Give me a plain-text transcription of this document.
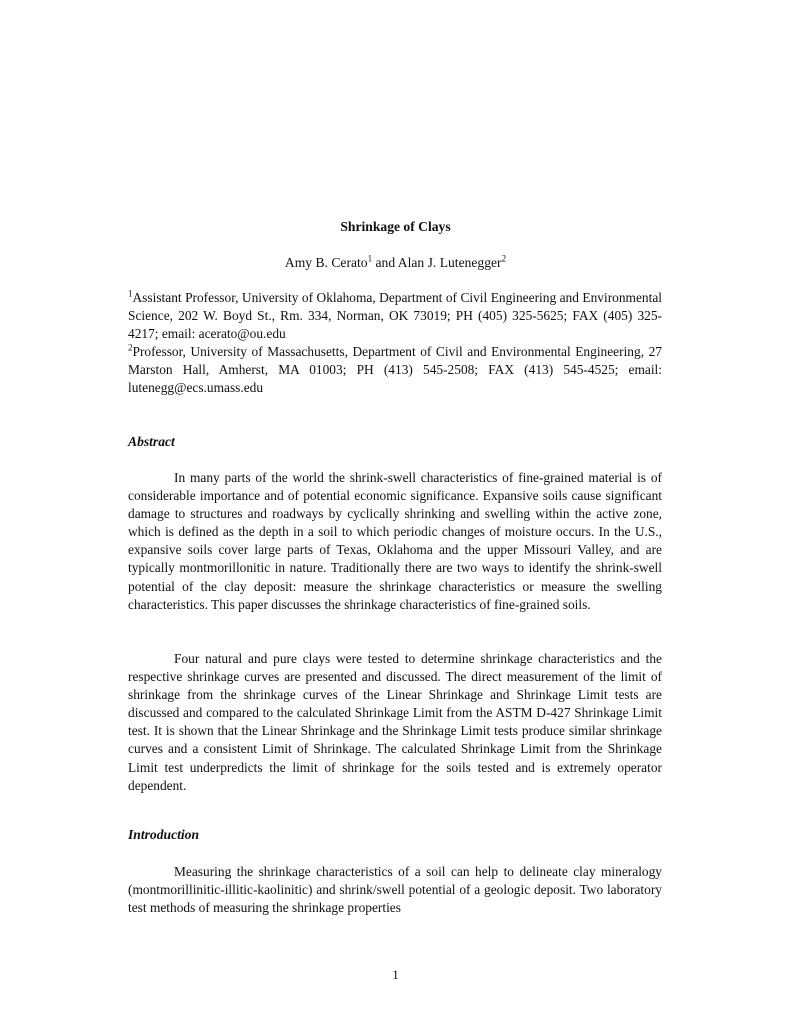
Shrinkage of Clays
Amy B. Cerato$^1$ and Alan J. Lutenegger$^2$
$^1$Assistant Professor, University of Oklahoma, Department of Civil Engineering and Environmental Science, 202 W. Boyd St., Rm. 334, Norman, OK 73019; PH (405) 325-5625; FAX (405) 325-4217; email: acerato@ou.edu
$^2$Professor, University of Massachusetts, Department of Civil and Environmental Engineering, 27 Marston Hall, Amherst, MA 01003; PH (413) 545-2508; FAX (413) 545-4525; email: lutenegg@ecs.umass.edu
Abstract

In many parts of the world the shrink-swell characteristics of fine-grained material is of considerable importance and of potential economic significance. Expansive soils cause significant damage to structures and roadways by cyclically shrinking and swelling within the active zone, which is defined as the depth in a soil to which periodic changes of moisture occurs. In the U.S., expansive soils cover large parts of Texas, Oklahoma and the upper Missouri Valley, and are typically montmorillonitic in nature. Traditionally there are two ways to identify the shrink-swell potential of the clay deposit: measure the shrinkage characteristics or measure the swelling characteristics. This paper discusses the shrinkage characteristics of fine-grained soils.

Four natural and pure clays were tested to determine shrinkage characteristics and the respective shrinkage curves are presented and discussed. The direct measurement of the limit of shrinkage from the shrinkage curves of the Linear Shrinkage and Shrinkage Limit tests are discussed and compared to the calculated Shrinkage Limit from the ASTM D-427 Shrinkage Limit test. It is shown that the Linear Shrinkage and the Shrinkage Limit tests produce similar shrinkage curves and a consistent Limit of Shrinkage. The calculated Shrinkage Limit from the Shrinkage Limit test underpredicts the limit of shrinkage for the soils tested and is extremely operator dependent.

Introduction

Measuring the shrinkage characteristics of a soil can help to delineate clay mineralogy (montmorillinitic-illitic-kaolinitic) and shrink/swell potential of a geologic deposit. Two laboratory test methods of measuring the shrinkage properties

1
